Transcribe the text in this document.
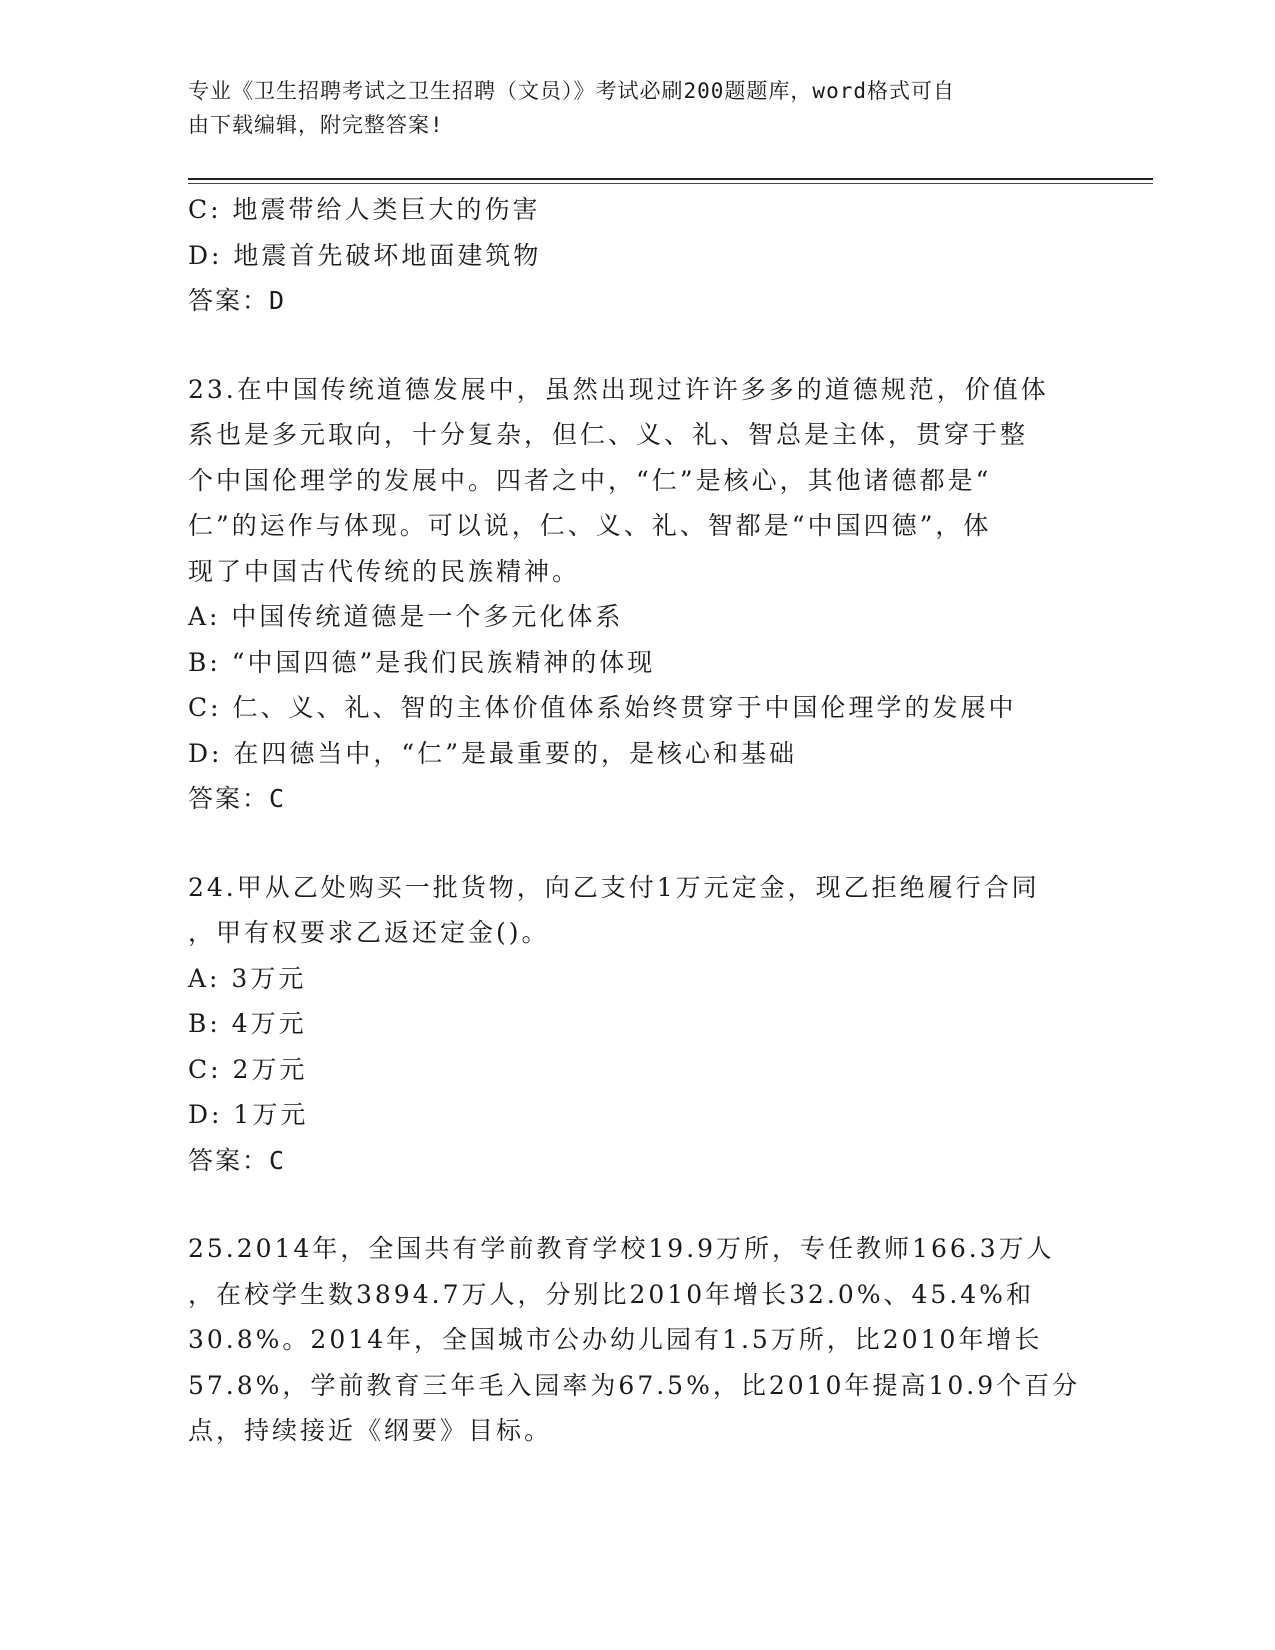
专业《卫生招聘考试之卫生招聘（文员）》考试必刷200题题库，word格式可自
由下载编辑，附完整答案!
C: 地震带给人类巨大的伤害
D: 地震首先破坏地面建筑物
答案：D
23.在中国传统道德发展中，虽然出现过许许多多的道德规范，价值体
系也是多元取向，十分复杂，但仁、义、礼、智总是主体，贯穿于整
个中国伦理学的发展中。四者之中，“仁”是核心，其他诸德都是“
仁”的运作与体现。可以说，仁、义、礼、智都是“中国四德”，体
现了中国古代传统的民族精神。
A: 中国传统道德是一个多元化体系
B: “中国四德”是我们民族精神的体现
C: 仁、义、礼、智的主体价值体系始终贯穿于中国伦理学的发展中
D: 在四德当中，“仁”是最重要的，是核心和基础
答案：C
24.甲从乙处购买一批货物，向乙支付1万元定金，现乙拒绝履行合同
，甲有权要求乙返还定金()。
A: 3万元
B: 4万元
C: 2万元
D: 1万元
答案：C
25.2014年，全国共有学前教育学校19.9万所，专任教师166.3万人
，在校学生数3894.7万人，分别比2010年增长32.0%、45.4%和
30.8%。2014年，全国城市公办幼儿园有1.5万所，比2010年增长
57.8%，学前教育三年毛入园率为67.5%，比2010年提高10.9个百分
点，持续接近《纲要》目标。
